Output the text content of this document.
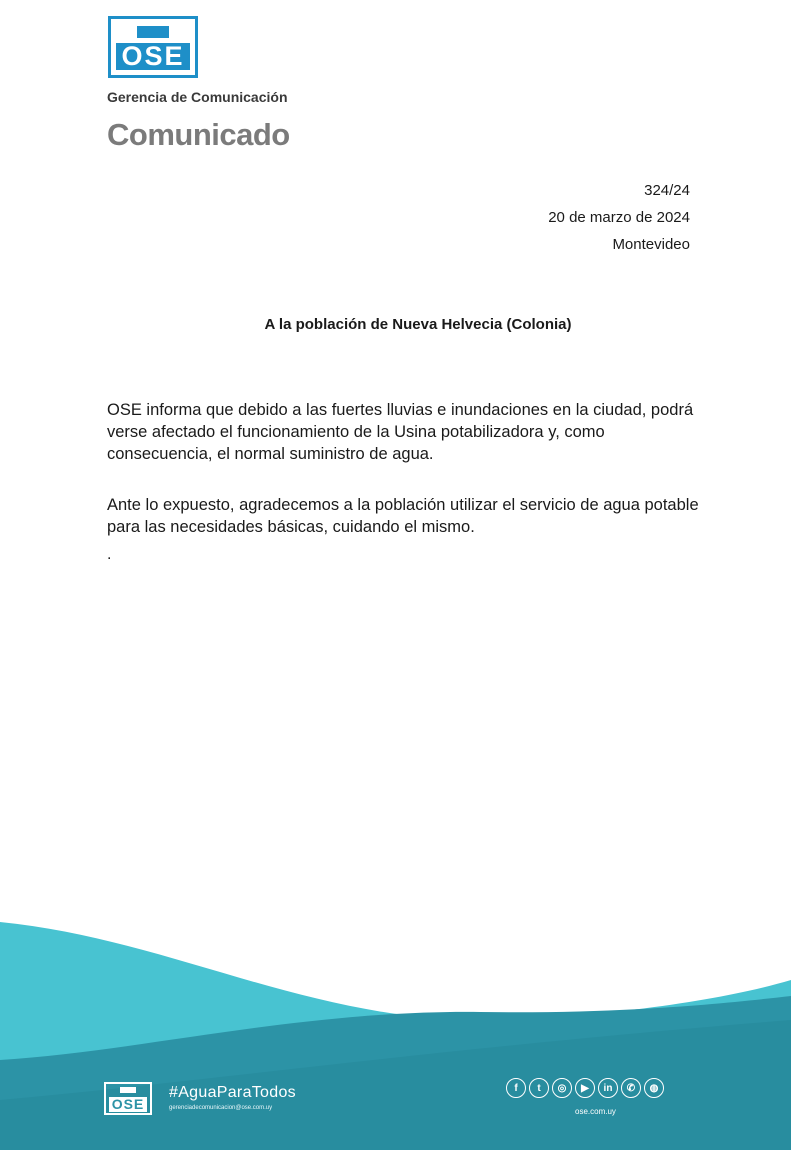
OSE
Gerencia de Comunicación
Comunicado
324/24
20 de marzo de 2024
Montevideo
A la población de Nueva Helvecia (Colonia)
OSE informa que debido a las fuertes lluvias e inundaciones en la ciudad, podrá verse afectado el funcionamiento de la Usina potabilizadora y, como consecuencia, el normal suministro de agua.
Ante lo expuesto, agradecemos a la población utilizar el servicio de agua potable para las necesidades básicas, cuidando el mismo.
.
OSE
#AguaParaTodos
gerenciadecomunicacion@ose.com.uy
f	t	◎	▶	in	✆	◍
ose.com.uy
